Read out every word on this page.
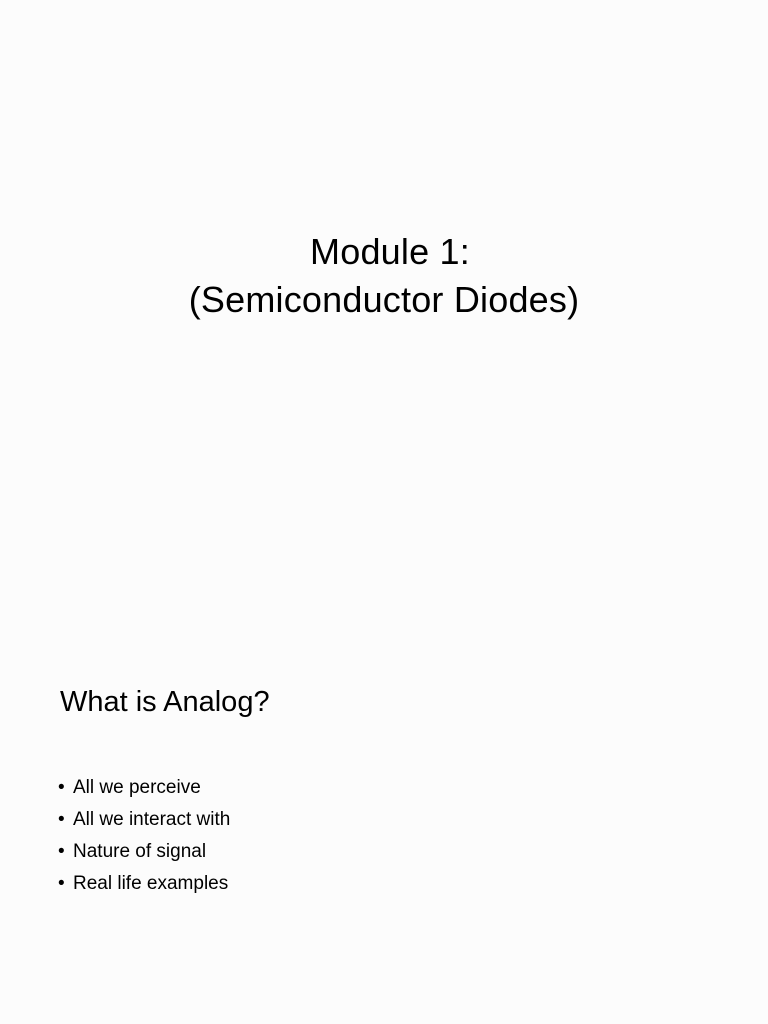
Module 1:
(Semiconductor Diodes)
What is Analog?
• All we perceive
• All we interact with
• Nature of signal
• Real life examples
